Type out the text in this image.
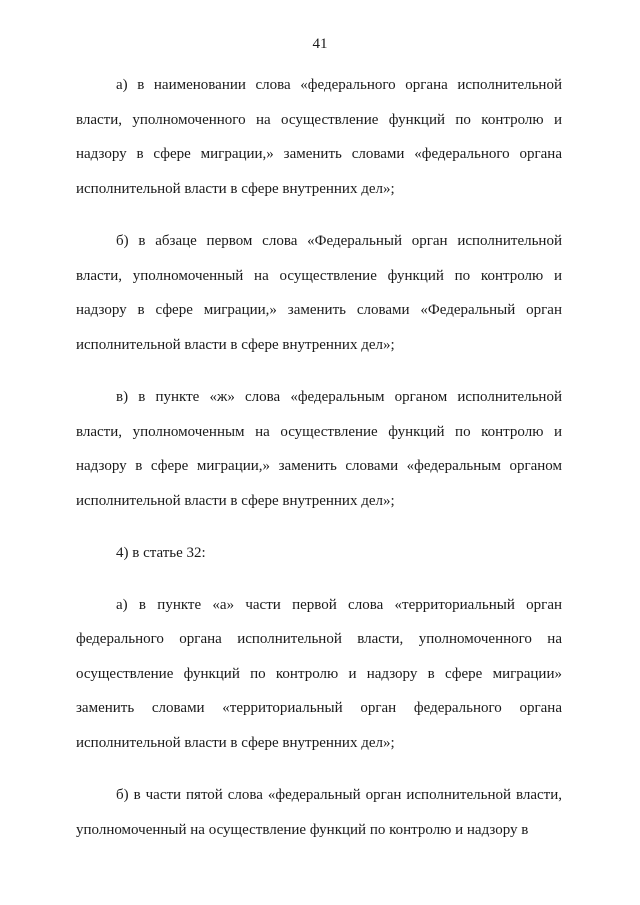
41

а) в наименовании слова «федерального органа исполнительной власти, уполномоченного на осуществление функций по контролю и надзору в сфере миграции,» заменить словами «федерального органа исполнительной власти в сфере внутренних дел»;

б) в абзаце первом слова «Федеральный орган исполнительной власти, уполномоченный на осуществление функций по контролю и надзору в сфере миграции,» заменить словами «Федеральный орган исполнительной власти в сфере внутренних дел»;

в) в пункте «ж» слова «федеральным органом исполнительной власти, уполномоченным на осуществление функций по контролю и надзору в сфере миграции,» заменить словами «федеральным органом исполнительной власти в сфере внутренних дел»;

4) в статье 32:

а) в пункте «а» части первой слова «территориальный орган федерального органа исполнительной власти, уполномоченного на осуществление функций по контролю и надзору в сфере миграции» заменить словами «территориальный орган федерального органа исполнительной власти в сфере внутренних дел»;

б) в части пятой слова «федеральный орган исполнительной власти, уполномоченный на осуществление функций по контролю и надзору в
